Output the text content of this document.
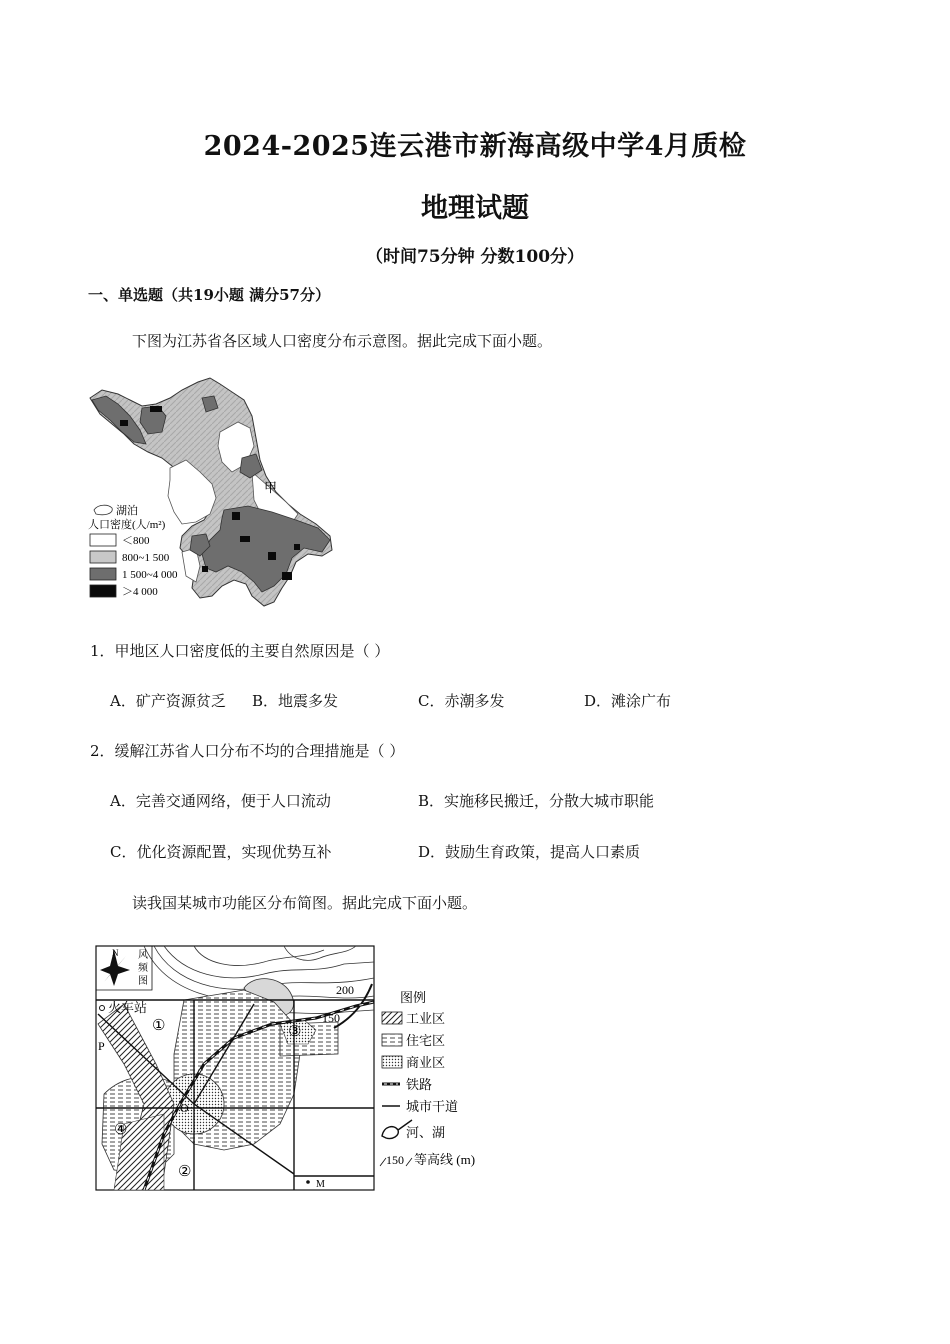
2024-2025连云港市新海高级中学4月质检
地理试题
（时间75分钟 分数100分）
一、单选题（共19小题 满分57分）
下图为江苏省各区域人口密度分布示意图。据此完成下面小题。
甲
湖泊
人口密度(人/m²)
＜800
800~1 500
1 500~4 000
＞4 000
1．甲地区人口密度低的主要自然原因是（ ）
A．矿产资源贫乏 B．地震多发	C．赤潮多发	D．滩涂广布
2．缓解江苏省人口分布不均的合理措施是（ ）
A．完善交通网络，便于人口流动	B．实施移民搬迁，分散大城市职能
C．优化资源配置，实现优势互补	D．鼓励生育政策，提高人口素质
读我国某城市功能区分布简图。据此完成下面小题。
火车站
200
150
①
②
③
④
P
O
M
N 风
频
图
图例
工业区
住宅区
商业区
铁路
城市干道
河、湖
150 等高线 (m)
